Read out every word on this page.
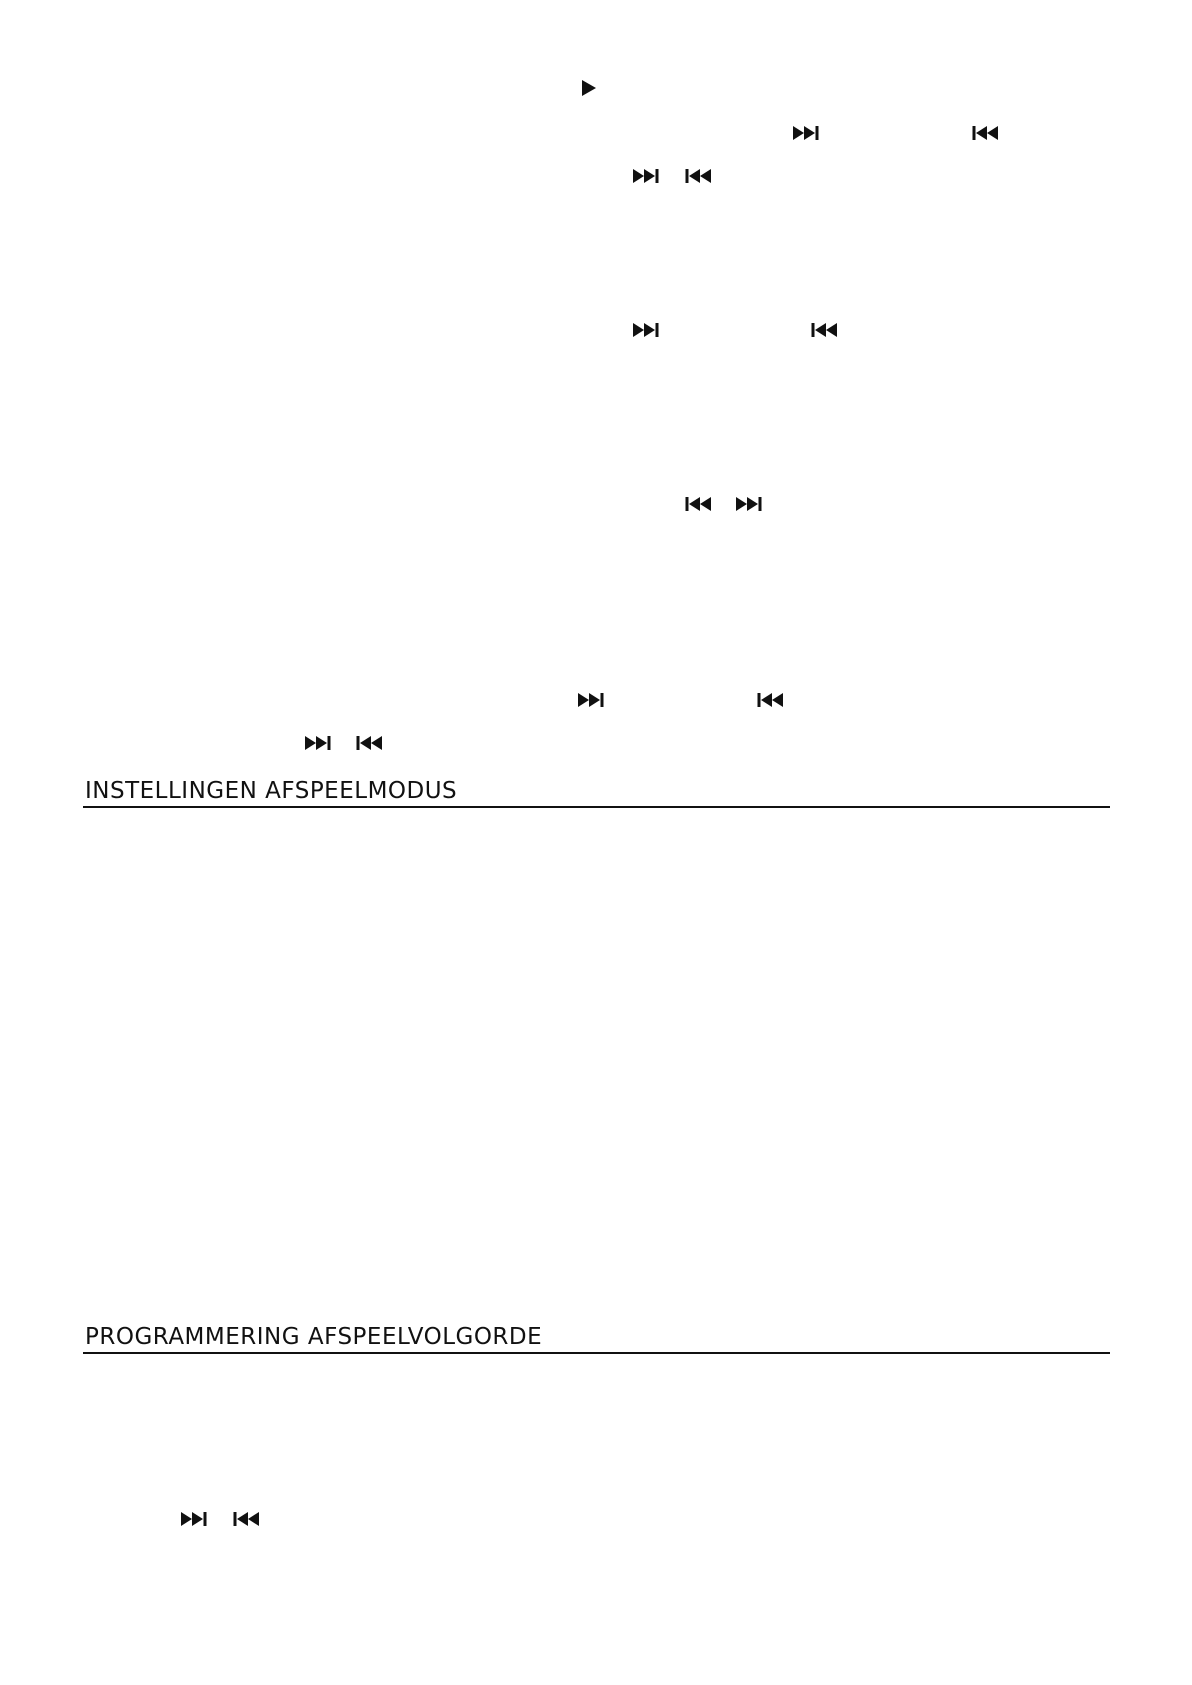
INSTELLINGEN AFSPEELMODUS
PROGRAMMERING AFSPEELVOLGORDE
